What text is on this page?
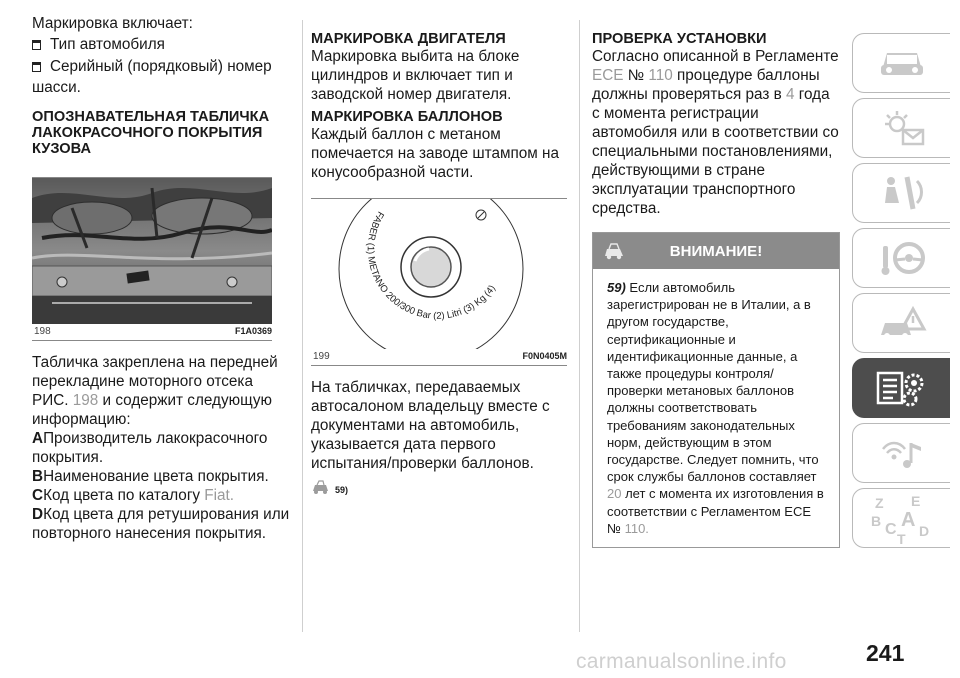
Маркировка включает:

Тип автомобиля
Серийный (порядковый) номер

шасси.

ОПОЗНАВАТЕЛЬНАЯ ТАБЛИЧКА ЛАКОКРАСОЧНОГО ПОКРЫТИЯ КУЗОВА

198	F1A0369

Табличка закреплена на передней перекладине моторного отсека РИС. 198 и содержит следующую информацию:

AПроизводитель лакокрасочного покрытия.

BНаименование цвета покрытия.

CКод цвета по каталогу Fiat.

DКод цвета для ретуширования или повторного нанесения покрытия.

МАРКИРОВКА ДВИГАТЕЛЯ

Маркировка выбита на блоке цилиндров и включает тип и заводской номер двигателя.

МАРКИРОВКА БАЛЛОНОВ

Каждый баллон с метаном помечается на заводе штампом на конусообразной части.

FABER (1) METANO 200/300 Bar (2) Litri (3) Kg (4)
199	F0N0405M

На табличках, передаваемых автосалоном владельцу вместе с документами на автомобиль, указывается дата первого испытания/проверки баллонов.

59)

ПРОВЕРКА УСТАНОВКИ

Согласно описанной в Регламенте ECE № 110 процедуре баллоны должны проверяться раз в 4 года с момента регистрации автомобиля или в соответствии со специальными постановлениями, действующими в стране эксплуатации транспортного средства.

ВНИМАНИЕ!
59) Если автомобиль зарегистрирован не в Италии, а в другом государстве, сертификационные и идентификационные данные, а также процедуры контроля/проверки метановых баллонов должны соответствовать требованиям законодательных норм, действующим в этом государстве. Следует помнить, что срок службы баллонов составляет 20 лет с момента их изготовления в соответствии с Регламентом ECE
№ 110.
Z E
B A
C D
T
241
carmanualsonline.info
